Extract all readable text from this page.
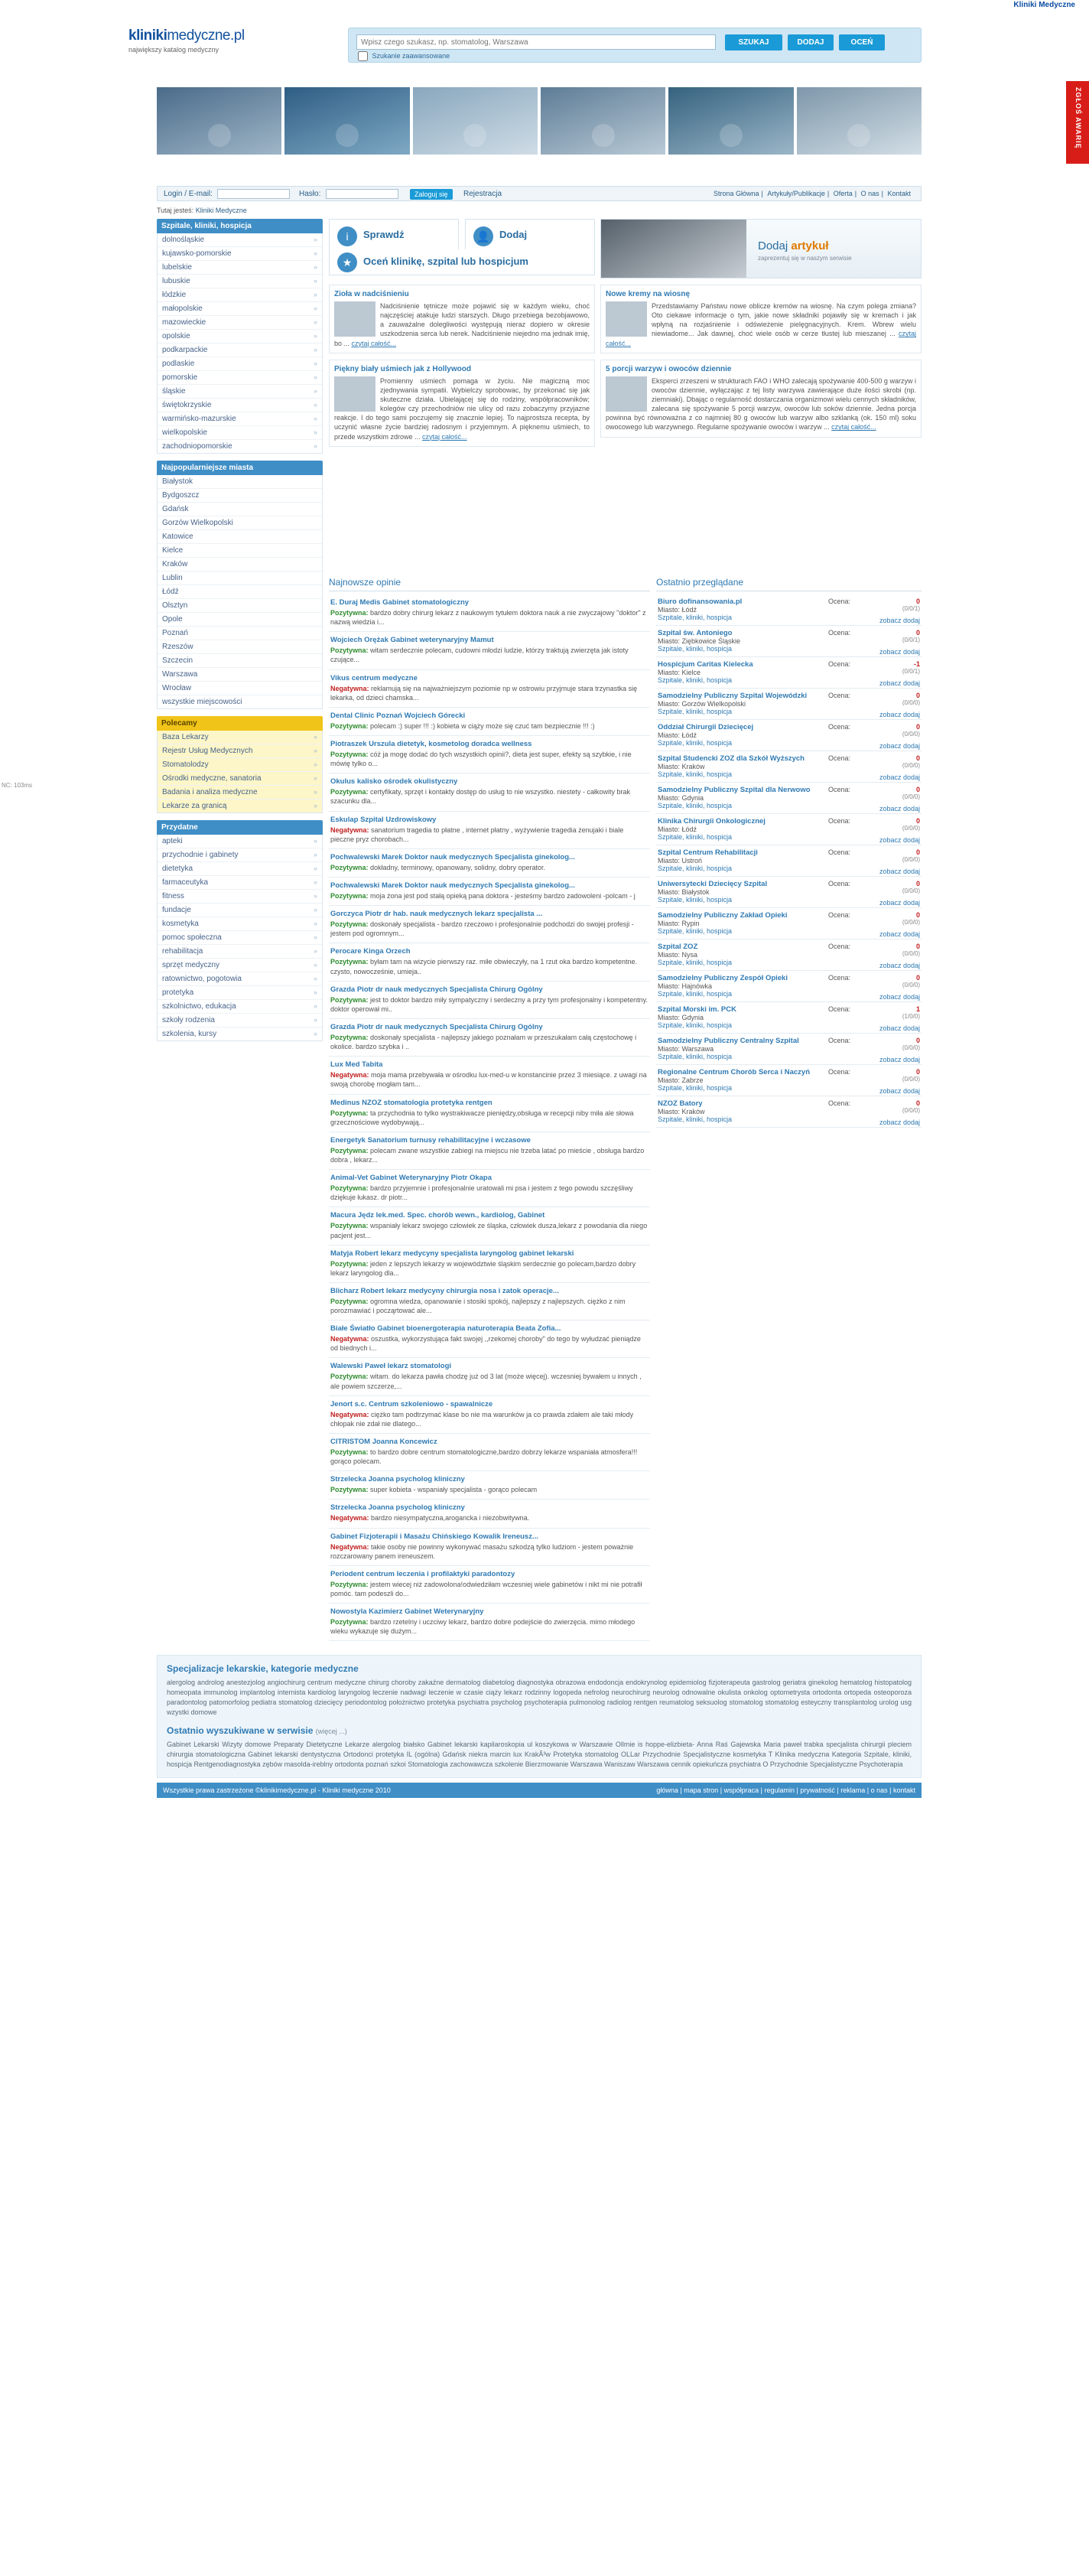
Kliniki Medyczne
klinikimedyczne.pl
największy katalog medyczny
Wpisz czego szukasz, np. stomatolog, Warszawa
SZUKAJ	DODAJ	OCEŃ
Szukanie zaawansowane
ZGŁOŚ AWARIĘ
Login / E-mail:	Hasło:	Zaloguj się	Rejestracja	Strona Główna | Artykuły/Publikacje | Oferta | O nas | Kontakt
Tutaj jesteś: Kliniki Medyczne
Szpitale, kliniki, hospicja
dolnośląskie »
kujawsko-pomorskie »
lubelskie »
lubuskie »
łódzkie »
małopolskie »
mazowieckie »
opolskie »
podkarpackie »
podlaskie »
pomorskie »
śląskie »
świętokrzyskie »
warmińsko-mazurskie »
wielkopolskie »
zachodniopomorskie »
Najpopularniejsze miasta
Białystok
Bydgoszcz
Gdańsk
Gorzów Wielkopolski
Katowice
Kielce
Kraków
Lublin
Łódź
Olsztyn
Opole
Poznań
Rzeszów
Szczecin
Warszawa
Wrocław
wszystkie miejscowości
Polecamy
Baza Lekarzy »
Rejestr Usług Medycznych »
Stomatolodzy »
Ośrodki medyczne, sanatoria »
Badania i analiza medyczne »
Lekarze za granicą »
Przydatne
apteki »
przychodnie i gabinety »
dietetyka »
farmaceutyka »
fitness »
fundacje »
kosmetyka »
pomoc społeczna »
rehabilitacja »
sprzęt medyczny »
ratownictwo, pogotowia »
protetyka »
szkolnictwo, edukacja »
szkoły rodzenia »
szkolenia, kursy »
i	Sprawdź	👤 Dodaj
★	Oceń klinikę, szpital lub hospicjum
Dodaj artykuł
zaprezentuj się w naszym serwisie
Zioła w nadciśnieniu

Nadciśnienie tętnicze może pojawić się w każdym wieku, choć najczęściej atakuje ludzi starszych. Długo przebiega bezobjawowo, a zauważalne dolegliwości występują nieraz dopiero w okresie uszkodzenia serca lub nerek. Nadciśnienie niejedno ma jednak imię, bo ... czytaj całość...

Piękny biały uśmiech jak z Hollywood

Promienny uśmiech pomaga w życiu. Nie magiczną moc zjednywania sympatii. Wybielczy sprobowac, by przekonać się jak skuteczne działa. Ubielającej się do rodziny, współpracowników; kolegów czy przechodniów nie ulicy od razu zobaczymy przyjazne reakcje. I do tego sami poczujemy się znacznie lepiej. To najprostsza recepta, by uczynić własne życie bardziej radosnym i przyjemnym. A pięknemu uśmiech, to przede wszystkim zdrowe ... czytaj całość...

Nowe kremy na wiosnę

Przedstawiamy Państwu nowe oblicze kremów na wiosnę. Na czym polega zmiana? Oto ciekawe informacje o tym, jakie nowe składniki pojawiły się w kremach i jak wpłyną na rozjaśnienie i odświeżenie pielęgnacyjnych. Krem. Wbrew wielu niewiadome... Jak dawnej, choć wiele osób w cerze tłustej lub mieszanej ... czytaj całość...

5 porcji warzyw i owoców dziennie

Eksperci zrzeszeni w strukturach FAO i WHO zalecają spożywanie 400-500 g warzyw i owoców dziennie, wyłączając z tej listy warzywa zawierające duże ilości skrobi (np. ziemniaki). Dbając o regularność dostarczania organizmowi wielu cennych składników, zalecana się spożywanie 5 porcji warzyw, owoców lub soków dziennie. Jedna porcja powinna być równoważna z co najmniej 80 g owoców lub warzyw albo szklanką (ok. 150 ml) soku owocowego lub warzywnego. Regularne spożywanie owoców i warzyw ... czytaj całość...

Najnowsze opinie
E. Duraj Medis Gabinet stomatologiczny
Pozytywna: bardzo dobry chirurg lekarz z naukowym tytułem doktora nauk a nie zwyczajowy "doktor" z nazwą wiedzia i...
Wojciech Orężak Gabinet weterynaryjny Mamut
Pozytywna: witam serdecznie polecam, cudowni młodzi ludzie, którzy traktują zwierzęta jak istoty czujące...
Vikus centrum medyczne
Negatywna: reklamują się na najważniejszym poziomie np w ostrowiu przyjmuje stara trzynastka się lekarka, od dzieci chamska...
Dental Clinic Poznań Wojciech Górecki
Pozytywna: polecam :) super !!! :) kobieta w ciąży może się czuć tam bezpiecznie !!! :)
Piotraszek Urszula dietetyk, kosmetolog doradca wellness
Pozytywna: cóż ja mogę dodać do tych wszystkich opinii?, dieta jest super, efekty są szybkie, i nie mówię tylko o...
Okulus kalisko ośrodek okulistyczny
Pozytywna: certyfikaty, sprzęt i kontakty dostęp do usług to nie wszystko. niestety - całkowity brak szacunku dla...
Eskulap Szpital Uzdrowiskowy
Negatywna: sanatorium tragedia to płatne , internet płatny , wyżywienie tragedia żenujaki i biale pieczne pryz chorobach...
Pochwalewski Marek Doktor nauk medycznych Specjalista ginekolog...
Pozytywna: dokładny, terminowy, opanowany, solidny, dobry operator.
Pochwalewski Marek Doktor nauk medycznych Specjalista ginekolog...
Pozytywna: moja żona jest pod stałą opieką pana doktora - jesteśmy bardzo zadowoleni -polcam - j
Gorczyca Piotr dr hab. nauk medycznych lekarz specjalista ...
Pozytywna: doskonały specjalista - bardzo rzeczowo i profesjonalnie podchodzi do swojej profesji - jestem pod ogromnym...
Perocare Kinga Orzech
Pozytywna: byłam tam na wizycie pierwszy raz. miłe obwieczyły, na 1 rzut oka bardzo kompetentne. czysto, nowocześnie, umieja..
Grazda Piotr dr nauk medycznych Specjalista Chirurg Ogólny
Pozytywna: jest to doktor bardzo miły sympatyczny i serdeczny a przy tym profesjonalny i kompetentny. doktor operował mi..
Grazda Piotr dr nauk medycznych Specjalista Chirurg Ogólny
Pozytywna: doskonały specjalista - najlepszy jakiego poznałam w przeszukałam całą częstochowę i okolice. bardzo szybka i ..
Lux Med Tabita
Negatywna: moja mama przebywała w ośrodku lux-med-u w konstancinie przez 3 miesiące. z uwagi na swoją chorobę mogłam tam...
Medinus NZOZ stomatologia protetyka rentgen
Pozytywna: ta przychodnia to tylko wystrakiwacze pieniędzy,obsługa w recepcji niby miła ale słowa grzecznościowe wydobywają...
Energetyk Sanatorium turnusy rehabilitacyjne i wczasowe
Pozytywna: polecam zwane wszystkie zabiegi na miejscu nie trzeba latać po mieście , obsługa bardzo dobra , lekarz...
Animal-Vet Gabinet Weterynaryjny Piotr Okapa
Pozytywna: bardzo przyjemnie i profesjonalnie uratowali mi psa i jestem z tego powodu szczęśliwy dziękuje łukasz. dr piotr...
Macura Jędz lek.med. Spec. chorób wewn., kardiolog, Gabinet
Pozytywna: wspaniały lekarz swojego człowiek ze śląska, człowiek dusza,lekarz z powodania dla niego pacjent jest...
Matyja Robert lekarz medycyny specjalista laryngolog gabinet lekarski
Pozytywna: jeden z lepszych lekarzy w województwie śląskim serdecznie go polecam,bardzo dobry lekarz laryngolog dla...
Blicharz Robert lekarz medycyny chirurgia nosa i zatok operacje...
Pozytywna: ogromna wiedza, opanowanie i stosiki spokój, najlepszy z najlepszych. ciężko z nim porozmawiać i począrtować ale...
Białe Światło Gabinet bioenergoterapia naturoterapia Beata Zofia...
Negatywna: oszustka, wykorzystująca fakt swojej ,,rzekomej choroby" do tego by wyłudzać pieniądze od biednych i...
Walewski Paweł lekarz stomatologi
Pozytywna: witam. do lekarza pawła chodzę już od 3 lat (może więcej). wczesniej bywałem u innych , ale powiem szczerze,...
Jenort s.c. Centrum szkoleniowo - spawalnicze
Negatywna: ciężko tam podtrzymać klase bo nie ma warunków ja co prawda zdałem ale taki młody chłopak nie zdał nie dlatego...
CITRISTOM Joanna Koncewicz
Pozytywna: to bardzo dobre centrum stomatologiczne,bardzo dobrzy lekarze wspaniała atmosfera!!! gorąco polecam.
Strzelecka Joanna psycholog kliniczny
Pozytywna: super kobieta - wspaniały specjalista - gorąco polecam
Strzelecka Joanna psycholog kliniczny
Negatywna: bardzo niesympatyczna,arogancka i niezobwitywna.
Gabinet Fizjoterapii i Masażu Chińskiego Kowalik Ireneusz...
Negatywna: takie osoby nie powinny wykonywać masażu szkodzą tylko ludziom - jestem poważnie rozczarowany panem ireneuszem.
Periodent centrum leczenia i profilaktyki paradontozy
Pozytywna: jestem wiecej niż zadowolona!odwiedziłam wczesniej wiele gabinetów i nikt mi nie potrafił pomóc. tam podeszli do...
Nowostyla Kazimierz Gabinet Weterynaryjny
Pozytywna: bardzo rzetelny i uczciwy lekarz, bardzo dobre podejście do zwierzęcia. mimo młodego wieku wykazuje się dużym...
Ostatnio przeglądane
Biuro dofinansowania.pl
Miasto: Łódź
Szpitale, kliniki, hospicja
Ocena:	0
(0/0/1)
zobacz dodaj
Szpital św. Antoniego
Miasto: Ziębkowice Śląskie
Szpitale, kliniki, hospicja
Ocena:	0
(0/0/1)
zobacz dodaj
Hospicjum Caritas Kielecka
Miasto: Kielce
Szpitale, kliniki, hospicja
Ocena:	-1
(0/0/1)
zobacz dodaj
Samodzielny Publiczny Szpital Wojewódzki
Miasto: Gorzów Wielkopolski
Szpitale, kliniki, hospicja
Ocena:	0
(0/0/0)
zobacz dodaj
Oddział Chirurgii Dziecięcej
Miasto: Łódź
Szpitale, kliniki, hospicja
Ocena:	0
(0/0/0)
zobacz dodaj
Szpital Studencki ZOZ dla Szkół Wyższych
Miasto: Kraków
Szpitale, kliniki, hospicja
Ocena:	0
(0/0/0)
zobacz dodaj
Samodzielny Publiczny Szpital dla Nerwowo
Miasto: Gdynia
Szpitale, kliniki, hospicja
Ocena:	0
(0/0/0)
zobacz dodaj
Klinika Chirurgii Onkologicznej
Miasto: Łódź
Szpitale, kliniki, hospicja
Ocena:	0
(0/0/0)
zobacz dodaj
Szpital Centrum Rehabilitacji
Miasto: Ustroń
Szpitale, kliniki, hospicja
Ocena:	0
(0/0/0)
zobacz dodaj
Uniwersytecki Dziecięcy Szpital
Miasto: Białystok
Szpitale, kliniki, hospicja
Ocena:	0
(0/0/0)
zobacz dodaj
Samodzielny Publiczny Zakład Opieki
Miasto: Rypin
Szpitale, kliniki, hospicja
Ocena:	0
(0/0/0)
zobacz dodaj
Szpital ZOZ
Miasto: Nysa
Szpitale, kliniki, hospicja
Ocena:	0
(0/0/0)
zobacz dodaj
Samodzielny Publiczny Zespół Opieki
Miasto: Hajnówka
Szpitale, kliniki, hospicja
Ocena:	0
(0/0/0)
zobacz dodaj
Szpital Morski im. PCK
Miasto: Gdynia
Szpitale, kliniki, hospicja
Ocena:	1
(1/0/0)
zobacz dodaj
Samodzielny Publiczny Centralny Szpital
Miasto: Warszawa
Szpitale, kliniki, hospicja
Ocena:	0
(0/0/0)
zobacz dodaj
Regionalne Centrum Chorób Serca i Naczyń
Miasto: Zabrze
Szpitale, kliniki, hospicja
Ocena:	0
(0/0/0)
zobacz dodaj
NZOZ Batory
Miasto: Kraków
Szpitale, kliniki, hospicja
Ocena:	0
(0/0/0)
zobacz dodaj
NC: 103ms
Specjalizacje lekarskie, kategorie medyczne

alergolog androlog anestezjolog angiochirurg centrum medyczne chirurg choroby zakaźne dermatolog diabetolog diagnostyka obrazowa endodoncja endokrynolog epidemiolog fizjoterapeuta gastrolog geriatra ginekolog hematolog histopatolog homeopata immunolog implantolog internista kardiolog laryngolog leczenie nadwagi leczenie w czasie ciąży lekarz rodzinny logopeda nefrolog neurochirurg neurolog odnowalne okulista onkolog optometrysta ortodonta ortopeda osteoporoza paradontolog patomorfolog pediatra stomatolog dziecięcy periodontolog położnictwo protetyka psychiatra psycholog psychoterapia pulmonolog radiolog rentgen reumatolog seksuolog stomatolog stomatolog esteyczny transplantolog urolog usg wzystki domowe

Ostatnio wyszukiwane w serwisie (więcej ...)

Gabinet Lekarski Wizyty domowe Preparaty Dietetyczne Lekarze alergolog białsko Gabinet lekarski kapilaroskopia ul koszykowa w Warszawie Ollmie is hoppe-elizbieta- Anna Raś Gajewska Maria paweł trabka specjalista chirurgii pleciem chirurgia stomatologiczna Gabinet lekarski dentystyczna Ortodonci protetyka IL (ogólna) Gdańsk niekra marcin lux KrakÃ³w Protetyka stomatolog OLLar Przychodnie Specjalistyczne kosmetyka T Klinika medyczna Kategoria Szpitale, kliniki, hospicja Rentgenodiagnostyka zębów masolda-ireblny ortodonta poznań szkoi Stomatologia zachowawcza szkolenie Bierzmowanie Warszawa Waniszaw Warszawa cennik opiekuńcza psychiatra O Przychodnie Specjalistyczne Psychoterapia

Wszystkie prawa zastrzeżone ©klinikimedyczne.pl - Kliniki medyczne 2010	główna | mapa stron | współpraca | regulamin | prywatność | reklama | o nas | kontakt
